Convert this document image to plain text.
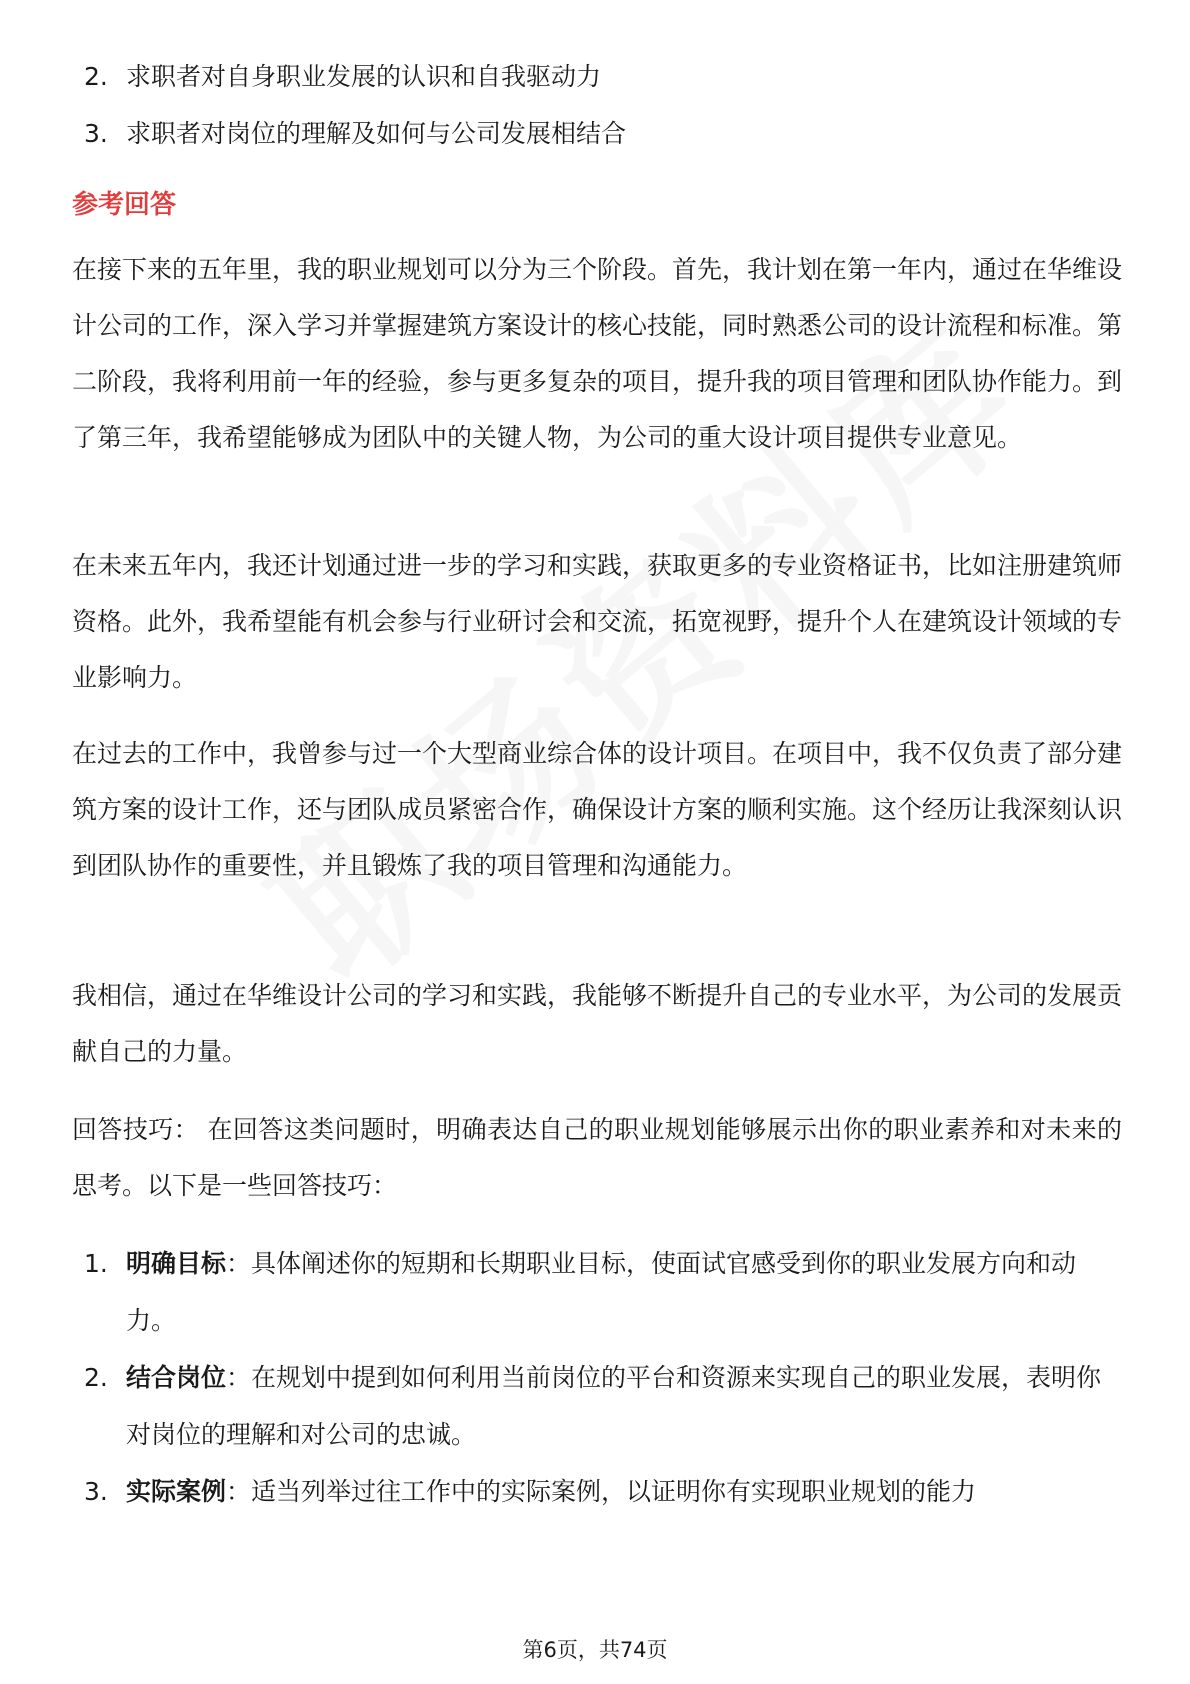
2. 求职者对自身职业发展的认识和自我驱动力
3. 求职者对岗位的理解及如何与公司发展相结合
参考回答
在接下来的五年里，我的职业规划可以分为三个阶段。首先，我计划在第一年内，通过在华维设计公司的工作，深入学习并掌握建筑方案设计的核心技能，同时熟悉公司的设计流程和标准。第二阶段，我将利用前一年的经验，参与更多复杂的项目，提升我的项目管理和团队协作能力。到了第三年，我希望能够成为团队中的关键人物，为公司的重大设计项目提供专业意见。
在未来五年内，我还计划通过进一步的学习和实践，获取更多的专业资格证书，比如注册建筑师资格。此外，我希望能有机会参与行业研讨会和交流，拓宽视野，提升个人在建筑设计领域的专业影响力。
在过去的工作中，我曾参与过一个大型商业综合体的设计项目。在项目中，我不仅负责了部分建筑方案的设计工作，还与团队成员紧密合作，确保设计方案的顺利实施。这个经历让我深刻认识到团队协作的重要性，并且锻炼了我的项目管理和沟通能力。
我相信，通过在华维设计公司的学习和实践，我能够不断提升自己的专业水平，为公司的发展贡献自己的力量。
回答技巧： 在回答这类问题时，明确表达自己的职业规划能够展示出你的职业素养和对未来的思考。以下是一些回答技巧：
1. 明确目标：具体阐述你的短期和长期职业目标，使面试官感受到你的职业发展方向和动力。
2. 结合岗位：在规划中提到如何利用当前岗位的平台和资源来实现自己的职业发展，表明你对岗位的理解和对公司的忠诚。
3. 实际案例：适当列举过往工作中的实际案例，以证明你有实现职业规划的能力
第6页，共74页
